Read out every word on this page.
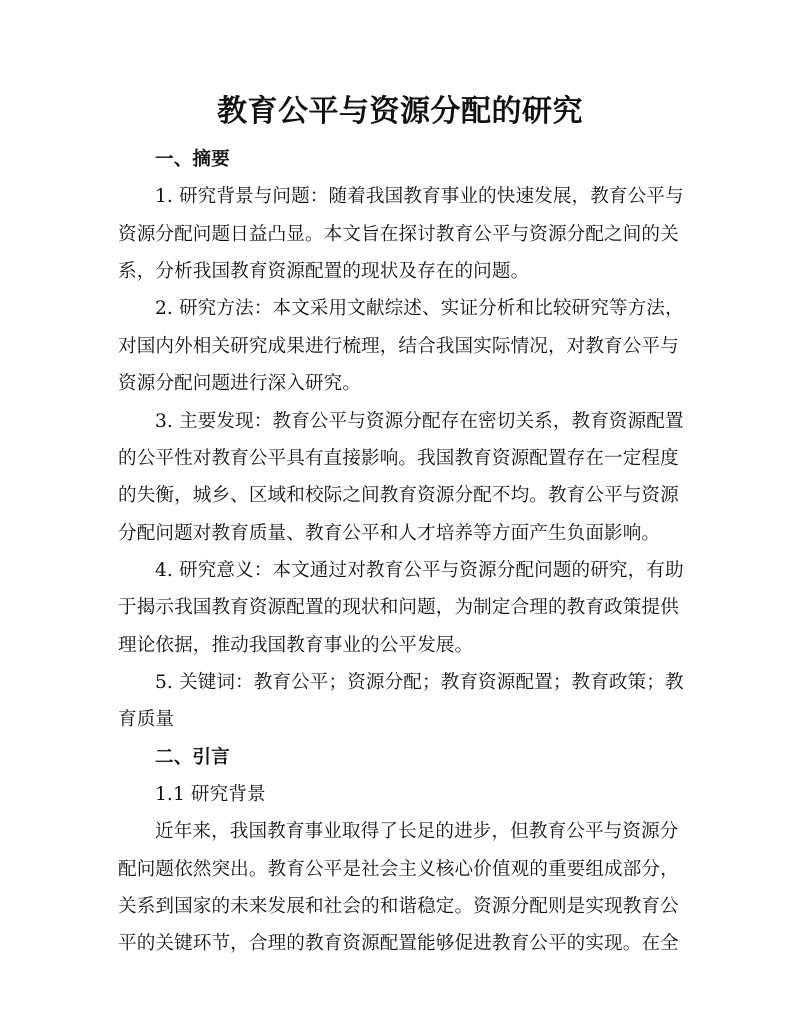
教育公平与资源分配的研究
一、摘要
1. 研究背景与问题：随着我国教育事业的快速发展，教育公平与
资源分配问题日益凸显。本文旨在探讨教育公平与资源分配之间的关
系，分析我国教育资源配置的现状及存在的问题。
2. 研究方法：本文采用文献综述、实证分析和比较研究等方法，
对国内外相关研究成果进行梳理，结合我国实际情况，对教育公平与
资源分配问题进行深入研究。
3. 主要发现：教育公平与资源分配存在密切关系，教育资源配置
的公平性对教育公平具有直接影响。我国教育资源配置存在一定程度
的失衡，城乡、区域和校际之间教育资源分配不均。教育公平与资源
分配问题对教育质量、教育公平和人才培养等方面产生负面影响。
4. 研究意义：本文通过对教育公平与资源分配问题的研究，有助
于揭示我国教育资源配置的现状和问题，为制定合理的教育政策提供
理论依据，推动我国教育事业的公平发展。
5. 关键词：教育公平；资源分配；教育资源配置；教育政策；教
育质量
二、引言
1.1 研究背景
近年来，我国教育事业取得了长足的进步，但教育公平与资源分
配问题依然突出。教育公平是社会主义核心价值观的重要组成部分，
关系到国家的未来发展和社会的和谐稳定。资源分配则是实现教育公
平的关键环节，合理的教育资源配置能够促进教育公平的实现。在全
